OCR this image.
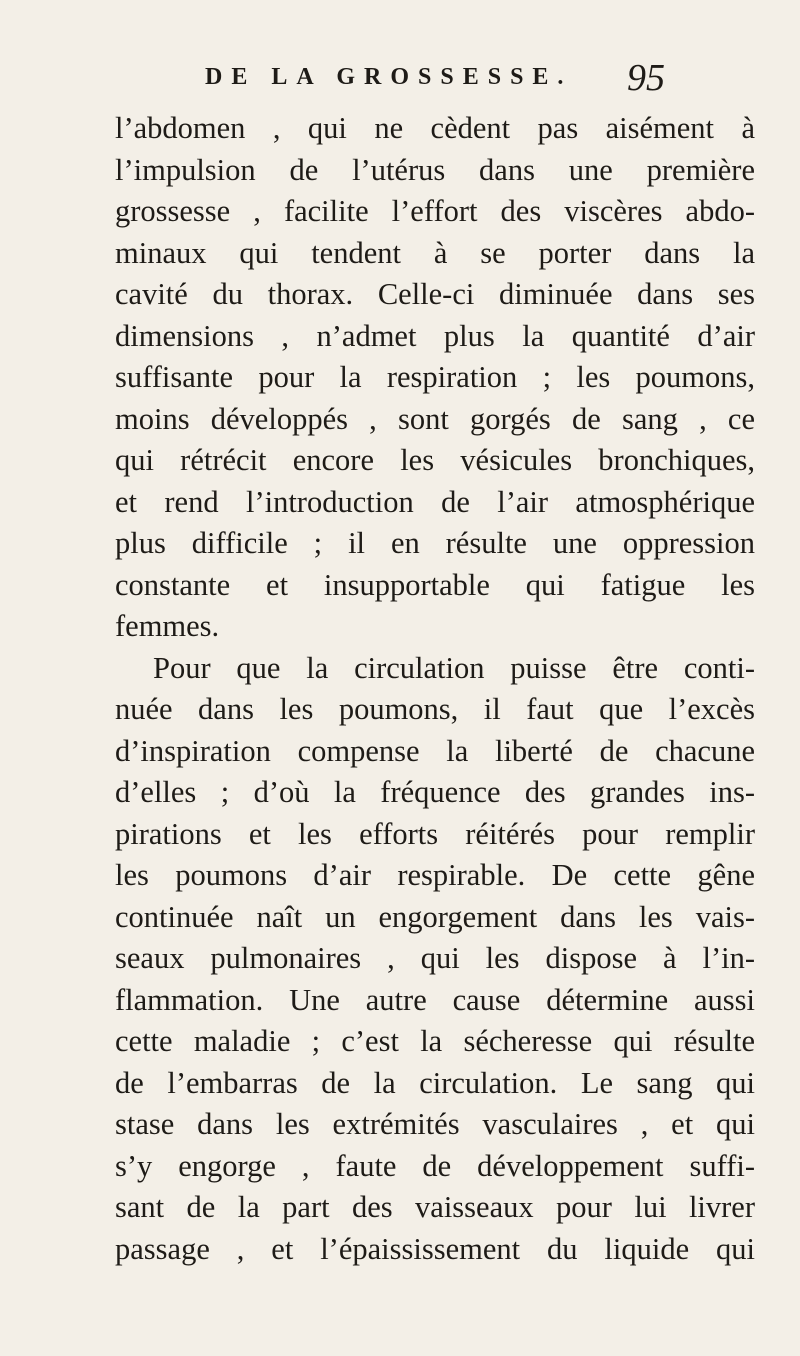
DE LA GROSSESSE. 95
l’abdomen , qui ne cèdent pas aisément à
l’impulsion de l’utérus dans une première
grossesse , facilite l’effort des viscères abdo-
minaux qui tendent à se porter dans la
cavité du thorax. Celle-ci diminuée dans ses
dimensions , n’admet plus la quantité d’air
suffisante pour la respiration ; les poumons,
moins développés , sont gorgés de sang , ce
qui rétrécit encore les vésicules bronchiques,
et rend l’introduction de l’air atmosphérique
plus difficile ; il en résulte une oppression
constante et insupportable qui fatigue les
femmes.
Pour que la circulation puisse être conti-
nuée dans les poumons, il faut que l’excès
d’inspiration compense la liberté de chacune
d’elles ; d’où la fréquence des grandes ins-
pirations et les efforts réitérés pour remplir
les poumons d’air respirable. De cette gêne
continuée naît un engorgement dans les vais-
seaux pulmonaires , qui les dispose à l’in-
flammation. Une autre cause détermine aussi
cette maladie ; c’est la sécheresse qui résulte
de l’embarras de la circulation. Le sang qui
stase dans les extrémités vasculaires , et qui
s’y engorge , faute de développement suffi-
sant de la part des vaisseaux pour lui livrer
passage , et l’épaississement du liquide qui
